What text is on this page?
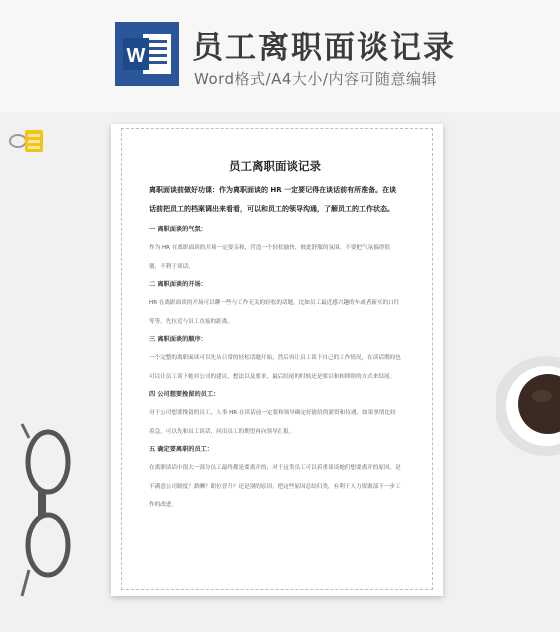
W 员工离职面谈记录
Word格式/A4大小/内容可随意编辑
员工离职面谈记录
离职面谈前做好功课：作为离职面谈的 HR 一定要记得在谈话前有所准备。在谈话前把员工的档案调出来看看，可以和员工的领导沟通，了解员工的工作状态。
一 离职面谈的气氛：
作为 HR 在离职面谈的开场一定要亲和，营造一个轻松愉快，彼此舒服的氛围。不要把气氛搞得很僵，不利于谈话。
二 离职面谈的开场：
HR 在离职面谈的开场可以聊一些与工作无关的轻松的话题，比如员工最近感兴趣的车或者新买的口红等等，先拉近与员工直接的距离。
三 离职面谈的顺序：
一个完整的离职面谈可以先从日常的轻松话题开始，然后再让员工谈下自己的工作情况，在谈话期间也可以让员工谈下她对公司的建议，想法以及要求，最后结尾的时候还是要以和和睦睦的方式来结尾。
四 公司想要挽留的员工：
对于公司想要挽留的员工，人事 HR 在谈话前一定要和领导确定好能给的薪资和待遇，如果事情比较着急，可以先和员工谈话，问出员工的期望再向领导汇报。
五 确定要离职的员工：
在离职谈话中很大一部分员工最终都是要离开的，对于这类员工可以着重谈谈她们想要离开的原因，是不满意公司制度？薪酬？职位晋升？还是别的原因，把这些原因总结归类，有利于人力资源部下一步工作的改进。
